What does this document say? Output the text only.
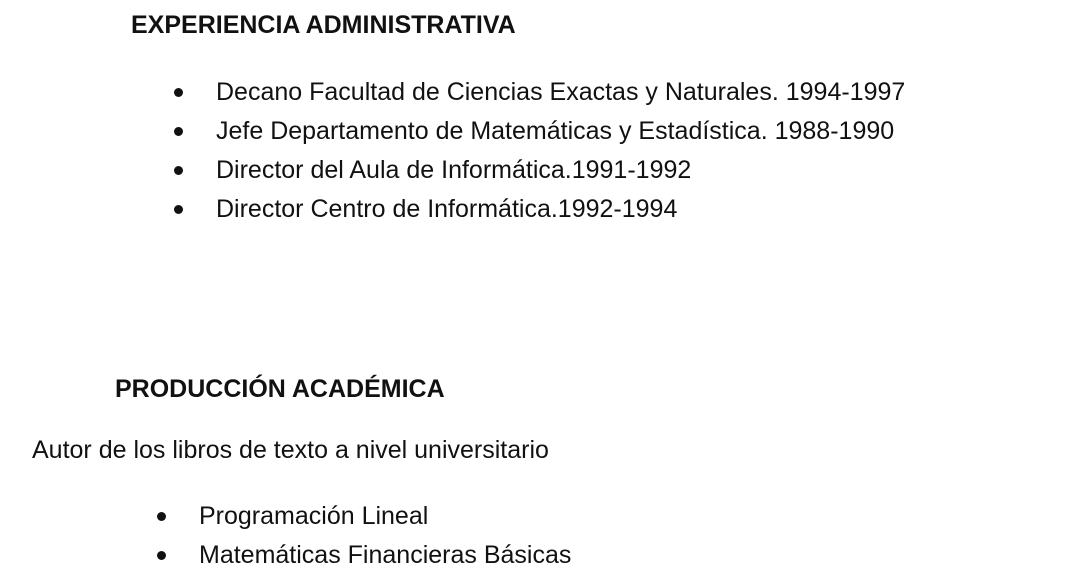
EXPERIENCIA ADMINISTRATIVA
Decano Facultad de Ciencias Exactas y Naturales. 1994-1997
Jefe Departamento de Matemáticas y Estadística. 1988-1990
Director del Aula de Informática.1991-1992
Director Centro de Informática.1992-1994
PRODUCCIÓN ACADÉMICA

Autor de los libros de texto a nivel universitario

Programación Lineal
Matemáticas Financieras Básicas
